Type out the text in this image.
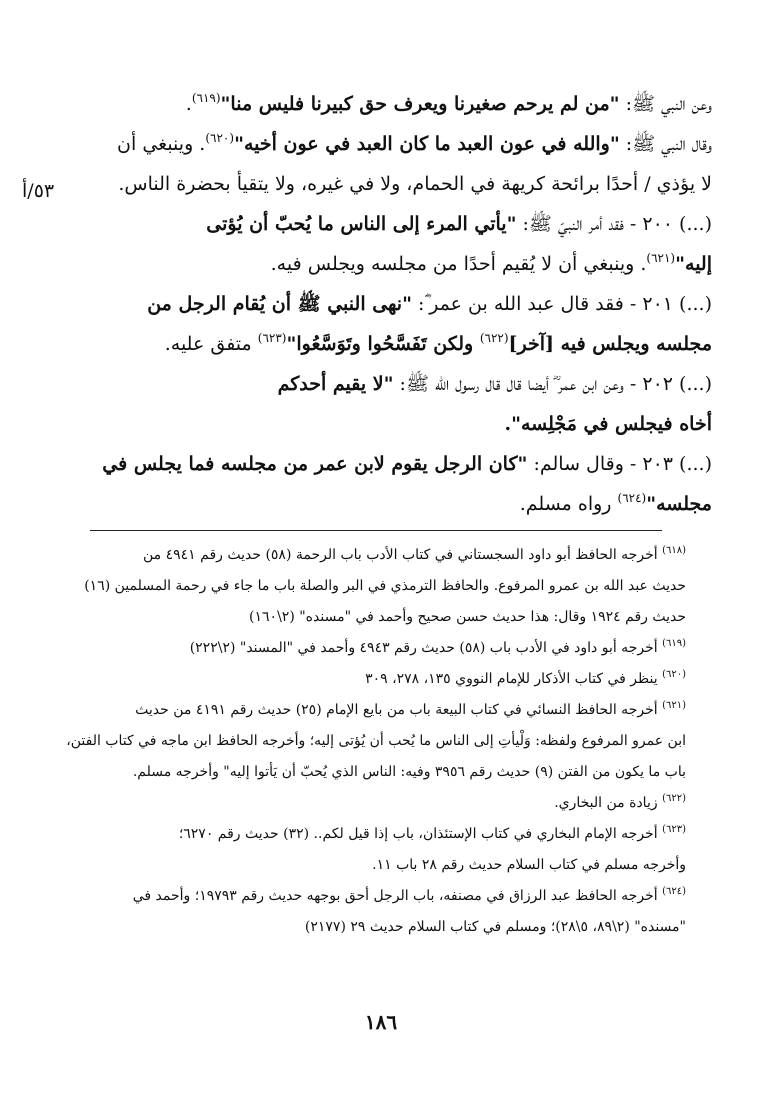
وعن النبي ﷺ: "من لم يرحم صغيرنا ويعرف حق كبيرنا فليس منا"$^{(٦١٩)}$.
وقال النبي ﷺ: "والله في عون العبد ما كان العبد في عون أخيه"$^{(٦٢٠)}$. وينبغي أن
لا يؤذي / أحدًا برائحة كريهة في الحمام، ولا في غيره، ولا يتقيأ بحضرة الناس.
(...) ٢٠٠ - فقد أمر النبيّ ﷺ: "يأتي المرء إلى الناس ما يُحبّ أن يُؤتى
إليه"$^{(٦٢١)}$. وينبغي أن لا يُقيم أحدًا من مجلسه ويجلس فيه.
(...) ٢٠١ - فقد قال عبد الله بن عمر ؓ: "نهى النبي ﷺ أن يُقام الرجل من
مجلسه ويجلس فيه [آخر]$^{(٦٢٢)}$ ولكن تَفَسَّحُوا وتَوَسَّعُوا"$^{(٦٢٣)}$ متفق عليه.
(...) ٢٠٢ - وعن ابن عمر ؓ أيضا قال قال رسول الله ﷺ: "لا يقيم أحدكم
أخاه فيجلس في مَجْلِسه".
(...) ٢٠٣ - وقال سالم: "كان الرجل يقوم لابن عمر من مجلسه فما يجلس في
مجلسه"$^{(٦٢٤)}$ رواه مسلم.
٥٣/أ
$^{(٦١٨)}$ أخرجه الحافظ أبو داود السجستاني في كتاب الأدب باب الرحمة (٥٨) حديث رقم ٤٩٤١ من
حديث عبد الله بن عمرو المرفوع. والحافظ الترمذي في البر والصلة باب ما جاء في رحمة المسلمين (١٦)
حديث رقم ١٩٢٤ وقال: هذا حديث حسن صحيح وأحمد في "مسنده" (٢\١٦٠)
$^{(٦١٩)}$ أخرجه أبو داود في الأدب باب (٥٨) حديث رقم ٤٩٤٣ وأحمد في "المسند" (٢\٢٢٢)
$^{(٦٢٠)}$ ينظر في كتاب الأذكار للإمام النووي ١٣٥، ٢٧٨، ٣٠٩
$^{(٦٢١)}$ أخرجه الحافظ النسائي في كتاب البيعة باب من بايع الإمام (٢٥) حديث رقم ٤١٩١ من حديث
ابن عمرو المرفوع ولفظه: وَلْيأتِ إلى الناس ما يُحب أن يُؤتى إليه؛ وأخرجه الحافظ ابن ماجه في كتاب الفتن،
باب ما يكون من الفتن (٩) حديث رقم ٣٩٥٦ وفيه: الناس الذي يُحبّ أن يَأتوا إليه" وأخرجه مسلم.
$^{(٦٢٢)}$ زيادة من البخاري.
$^{(٦٢٣)}$ أخرجه الإمام البخاري في كتاب الإستئذان، باب إذا قيل لكم.. (٣٢) حديث رقم ٦٢٧٠؛
وأخرجه مسلم في كتاب السلام حديث رقم ٢٨ باب ١١.
$^{(٦٢٤)}$ أخرجه الحافظ عبد الرزاق في مصنفه، باب الرجل أحق بوجهه حديث رقم ١٩٧٩٣؛ وأحمد في
"مسنده" (٢\٨٩، ٥\٢٨)؛ ومسلم في كتاب السلام حديث ٢٩ (٢١٧٧)
١٨٦
